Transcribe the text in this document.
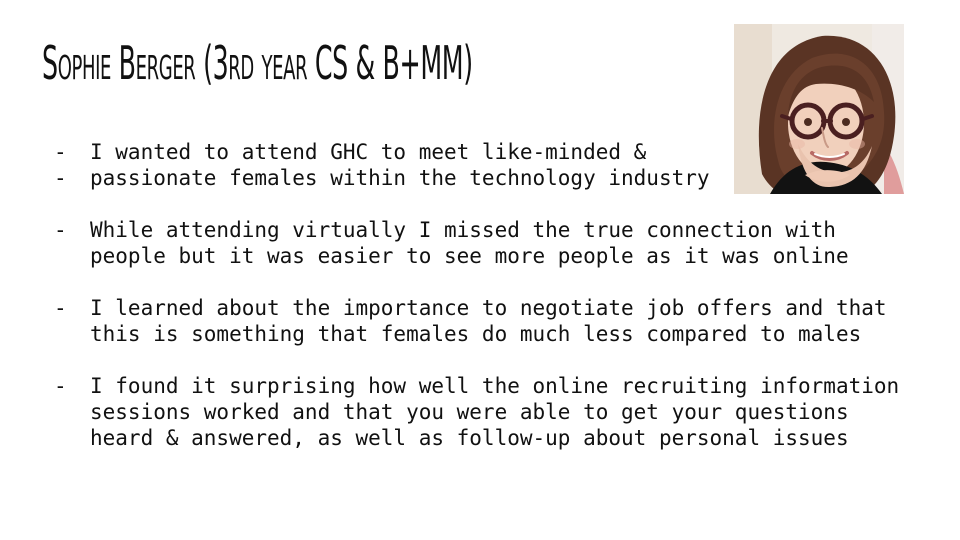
Sophie Berger (3rd year CS & B+MM)
-	I wanted to attend GHC to meet like-minded &
-	passionate females within the technology industry
-	While attending virtually I missed the true connection with
people but it was easier to see more people as it was online
-	I learned about the importance to negotiate job offers and that
this is something that females do much less compared to males
-	I found it surprising how well the online recruiting information
sessions worked and that you were able to get your questions
heard & answered, as well as follow-up about personal issues
